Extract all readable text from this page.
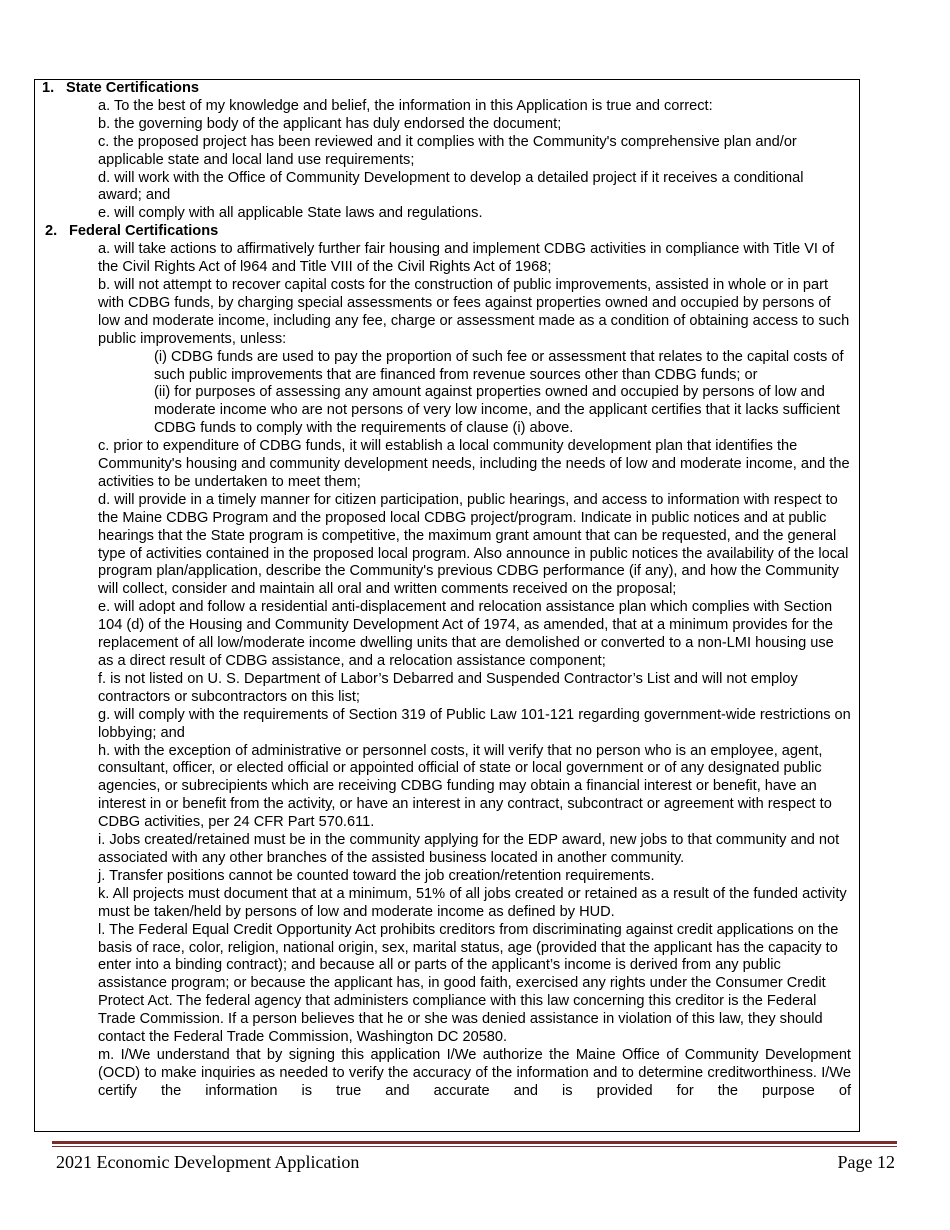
1. State Certifications

a. To the best of my knowledge and belief, the information in this Application is true and correct:

b. the governing body of the applicant has duly endorsed the document;

c. the proposed project has been reviewed and it complies with the Community's comprehensive plan and/or applicable state and local land use requirements;

d. will work with the Office of Community Development to develop a detailed project if it receives a conditional award; and

e. will comply with all applicable State laws and regulations.

2. Federal Certifications

a. will take actions to affirmatively further fair housing and implement CDBG activities in compliance with Title VI of the Civil Rights Act of l964 and Title VIII of the Civil Rights Act of 1968;

b. will not attempt to recover capital costs for the construction of public improvements, assisted in whole or in part with CDBG funds, by charging special assessments or fees against properties owned and occupied by persons of low and moderate income, including any fee, charge or assessment made as a condition of obtaining access to such public improvements, unless:

(i) CDBG funds are used to pay the proportion of such fee or assessment that relates to the capital costs of such public improvements that are financed from revenue sources other than CDBG funds; or

(ii) for purposes of assessing any amount against properties owned and occupied by persons of low and moderate income who are not persons of very low income, and the applicant certifies that it lacks sufficient CDBG funds to comply with the requirements of clause (i) above.

c. prior to expenditure of CDBG funds, it will establish a local community development plan that identifies the Community's housing and community development needs, including the needs of low and moderate income, and the activities to be undertaken to meet them;

d. will provide in a timely manner for citizen participation, public hearings, and access to information with respect to the Maine CDBG Program and the proposed local CDBG project/program. Indicate in public notices and at public hearings that the State program is competitive, the maximum grant amount that can be requested, and the general type of activities contained in the proposed local program. Also announce in public notices the availability of the local program plan/application, describe the Community's previous CDBG performance (if any), and how the Community will collect, consider and maintain all oral and written comments received on the proposal;

e. will adopt and follow a residential anti-displacement and relocation assistance plan which complies with Section 104 (d) of the Housing and Community Development Act of 1974, as amended, that at a minimum provides for the replacement of all low/moderate income dwelling units that are demolished or converted to a non-LMI housing use as a direct result of CDBG assistance, and a relocation assistance component;

f. is not listed on U. S. Department of Labor’s Debarred and Suspended Contractor’s List and will not employ contractors or subcontractors on this list;

g. will comply with the requirements of Section 319 of Public Law 101-121 regarding government-wide restrictions on lobbying; and

h. with the exception of administrative or personnel costs, it will verify that no person who is an employee, agent, consultant, officer, or elected official or appointed official of state or local government or of any designated public agencies, or subrecipients which are receiving CDBG funding may obtain a financial interest or benefit, have an interest in or benefit from the activity, or have an interest in any contract, subcontract or agreement with respect to CDBG activities, per 24 CFR Part 570.611.

i. Jobs created/retained must be in the community applying for the EDP award, new jobs to that community and not associated with any other branches of the assisted business located in another community.

j. Transfer positions cannot be counted toward the job creation/retention requirements.

k. All projects must document that at a minimum, 51% of all jobs created or retained as a result of the funded activity must be taken/held by persons of low and moderate income as defined by HUD.

l. The Federal Equal Credit Opportunity Act prohibits creditors from discriminating against credit applications on the basis of race, color, religion, national origin, sex, marital status, age (provided that the applicant has the capacity to enter into a binding contract); and because all or parts of the applicant’s income is derived from any public assistance program; or because the applicant has, in good faith, exercised any rights under the Consumer Credit Protect Act. The federal agency that administers compliance with this law concerning this creditor is the Federal Trade Commission. If a person believes that he or she was denied assistance in violation of this law, they should contact the Federal Trade Commission, Washington DC 20580.

m. I/We understand that by signing this application I/We authorize the Maine Office of Community Development (OCD) to make inquiries as needed to verify the accuracy of the information and to determine creditworthiness. I/We certify the information is true and accurate and is provided for the purpose of

2021 Economic Development Application	Page 12
